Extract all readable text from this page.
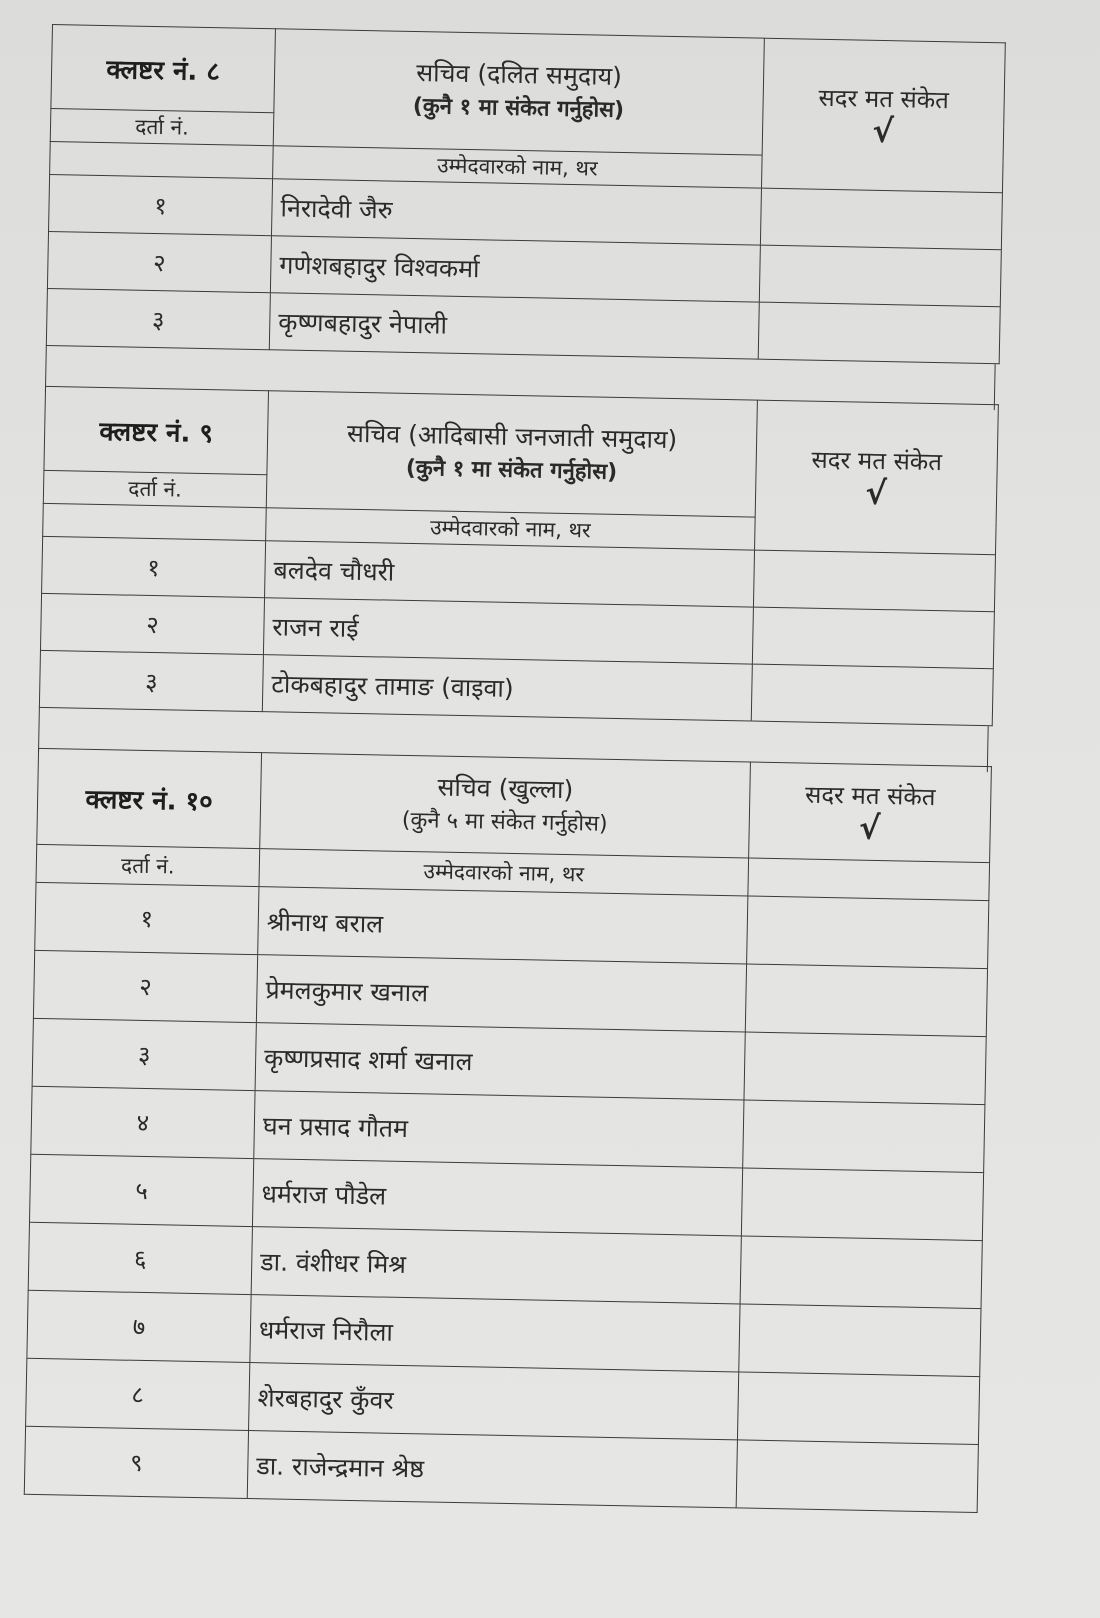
क्लष्टर नं. ८	सचिव (दलित समुदाय)
(कुनै १ मा संकेत गर्नुहोस)	सदर मत संकेत
√

दर्ता नं.		
	उम्मेदवारको नाम, थर	
१	निरादेवी जैरु	
२	गणेशबहादुर विश्वकर्मा	
३	कृष्णबहादुर नेपाली	
क्लष्टर नं. ९	सचिव (आदिबासी जनजाती समुदाय)
(कुनै १ मा संकेत गर्नुहोस)	सदर मत संकेत
√

दर्ता नं.		
	उम्मेदवारको नाम, थर	
१	बलदेव चौधरी	
२	राजन राई	
३	टोकबहादुर तामाङ (वाइवा)	
क्लष्टर नं. १०	सचिव (खुल्ला)
(कुनै ५ मा संकेत गर्नुहोस)	सदर मत संकेत
√

दर्ता नं.	उम्मेदवारको नाम, थर	
१	श्रीनाथ बराल	
२	प्रेमलकुमार खनाल	
३	कृष्णप्रसाद शर्मा खनाल	
४	घन प्रसाद गौतम	
५	धर्मराज पौडेल	
६	डा. वंशीधर मिश्र	
७	धर्मराज निरौला	
८	शेरबहादुर कुँवर	
९	डा. राजेन्द्रमान श्रेष्ठ	
